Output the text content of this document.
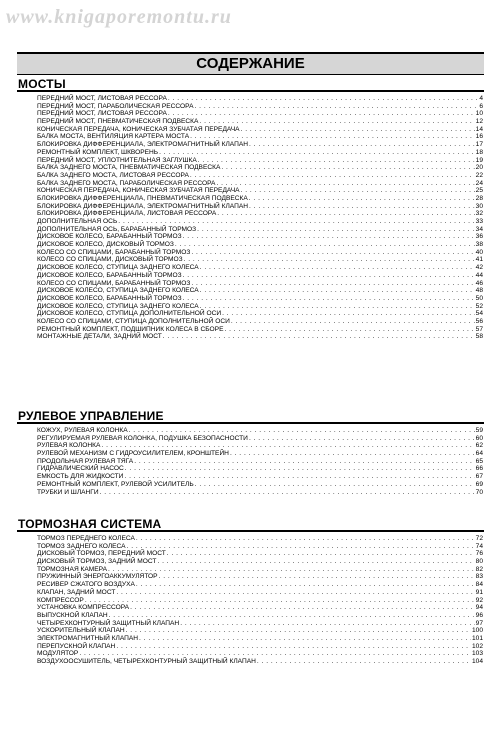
www.knigaporemontu.ru
СОДЕРЖАНИЕ
МОСТЫ
ПЕРЕДНИЙ МОСТ, ЛИСТОВАЯ РЕССОРА . . .	4
ПЕРЕДНИЙ МОСТ, ПАРАБОЛИЧЕСКАЯ РЕССОРА . . .	6
ПЕРЕДНИЙ МОСТ, ЛИСТОВАЯ РЕССОРА . . .	10
ПЕРЕДНИЙ МОСТ, ПНЕВМАТИЧЕСКАЯ ПОДВЕСКА . . .	12
КОНИЧЕСКАЯ ПЕРЕДАЧА, КОНИЧЕСКАЯ ЗУБЧАТАЯ ПЕРЕДАЧА . . .	14
БАЛКА МОСТА, ВЕНТИЛЯЦИЯ КАРТЕРА МОСТА . . .	16
БЛОКИРОВКА ДИФФЕРЕНЦИАЛА, ЭЛЕКТРОМАГНИТНЫЙ КЛАПАН . . .	17
РЕМОНТНЫЙ КОМПЛЕКТ, ШКВОРЕНЬ . . .	18
ПЕРЕДНИЙ МОСТ, УПЛОТНИТЕЛЬНАЯ ЗАГЛУШКА . . .	19
БАЛКА ЗАДНЕГО МОСТА, ПНЕВМАТИЧЕСКАЯ ПОДВЕСКА . . .	20
БАЛКА ЗАДНЕГО МОСТА, ЛИСТОВАЯ РЕССОРА . . .	22
БАЛКА ЗАДНЕГО МОСТА, ПАРАБОЛИЧЕСКАЯ РЕССОРА . . .	24
КОНИЧЕСКАЯ ПЕРЕДАЧА, КОНИЧЕСКАЯ ЗУБЧАТАЯ ПЕРЕДАЧА . . .	25
БЛОКИРОВКА ДИФФЕРЕНЦИАЛА, ПНЕВМАТИЧЕСКАЯ ПОДВЕСКА . . .	28
БЛОКИРОВКА ДИФФЕРЕНЦИАЛА, ЭЛЕКТРОМАГНИТНЫЙ КЛАПАН . . .	30
БЛОКИРОВКА ДИФФЕРЕНЦИАЛА, ЛИСТОВАЯ РЕССОРА . . .	32
ДОПОЛНИТЕЛЬНАЯ ОСЬ . . .	33
ДОПОЛНИТЕЛЬНАЯ ОСЬ, БАРАБАННЫЙ ТОРМОЗ . . .	34
ДИСКОВОЕ КОЛЕСО, БАРАБАННЫЙ ТОРМОЗ . . .	36
ДИСКОВОЕ КОЛЕСО, ДИСКОВЫЙ ТОРМОЗ . . .	38
КОЛЕСО СО СПИЦАМИ, БАРАБАННЫЙ ТОРМОЗ . . .	40
КОЛЕСО СО СПИЦАМИ, ДИСКОВЫЙ ТОРМОЗ . . .	41
ДИСКОВОЕ КОЛЕСО, СТУПИЦА ЗАДНЕГО КОЛЕСА . . .	42
ДИСКОВОЕ КОЛЕСО, БАРАБАННЫЙ ТОРМОЗ . . .	44
КОЛЕСО СО СПИЦАМИ, БАРАБАННЫЙ ТОРМОЗ . . .	46
ДИСКОВОЕ КОЛЕСО, СТУПИЦА ЗАДНЕГО КОЛЕСА . . .	48
ДИСКОВОЕ КОЛЕСО, БАРАБАННЫЙ ТОРМОЗ . . .	50
ДИСКОВОЕ КОЛЕСО, СТУПИЦА ЗАДНЕГО КОЛЕСА . . .	52
ДИСКОВОЕ КОЛЕСО, СТУПИЦА ДОПОЛНИТЕЛЬНОЙ ОСИ . . .	54
КОЛЕСО СО СПИЦАМИ, СТУПИЦА ДОПОЛНИТЕЛЬНОЙ ОСИ . . .	56
РЕМОНТНЫЙ КОМПЛЕКТ, ПОДШИПНИК КОЛЕСА В СБОРЕ . . .	57
МОНТАЖНЫЕ ДЕТАЛИ, ЗАДНИЙ МОСТ . . .	58
РУЛЕВОЕ УПРАВЛЕНИЕ
КОЖУХ, РУЛЕВАЯ КОЛОНКА . . .	59
РЕГУЛИРУЕМАЯ РУЛЕВАЯ КОЛОНКА, ПОДУШКА БЕЗОПАСНОСТИ . . .	60
РУЛЕВАЯ КОЛОНКА . . .	62
РУЛЕВОЙ МЕХАНИЗМ С ГИДРОУСИЛИТЕЛЕМ, КРОНШТЕЙН . . .	64
ПРОДОЛЬНАЯ РУЛЕВАЯ ТЯГА . . .	65
ГИДРАВЛИЧЕСКИЙ НАСОС . . .	66
ЕМКОСТЬ ДЛЯ ЖИДКОСТИ . . .	67
РЕМОНТНЫЙ КОМПЛЕКТ, РУЛЕВОЙ УСИЛИТЕЛЬ . . .	69
ТРУБКИ И ШЛАНГИ . . .	70
ТОРМОЗНАЯ СИСТЕМА
ТОРМОЗ ПЕРЕДНЕГО КОЛЕСА . . .	72
ТОРМОЗ ЗАДНЕГО КОЛЕСА . . .	74
ДИСКОВЫЙ ТОРМОЗ, ПЕРЕДНИЙ МОСТ . . .	76
ДИСКОВЫЙ ТОРМОЗ, ЗАДНИЙ МОСТ . . .	80
ТОРМОЗНАЯ КАМЕРА . . .	82
ПРУЖИННЫЙ ЭНЕРГОАККУМУЛЯТОР . . .	83
РЕСИВЕР СЖАТОГО ВОЗДУХА . . .	84
КЛАПАН, ЗАДНИЙ МОСТ . . .	91
КОМПРЕССОР . . .	92
УСТАНОВКА КОМПРЕССОРА . . .	94
ВЫПУСКНОЙ КЛАПАН . . .	96
ЧЕТЫРЕХКОНТУРНЫЙ ЗАЩИТНЫЙ КЛАПАН . . .	97
УСКОРИТЕЛЬНЫЙ КЛАПАН . . .	100
ЭЛЕКТРОМАГНИТНЫЙ КЛАПАН . . .	101
ПЕРЕПУСКНОЙ КЛАПАН . . .	102
МОДУЛЯТОР . . .	103
ВОЗДУХООСУШИТЕЛЬ, ЧЕТЫРЕХКОНТУРНЫЙ ЗАЩИТНЫЙ КЛАПАН . . .	104
